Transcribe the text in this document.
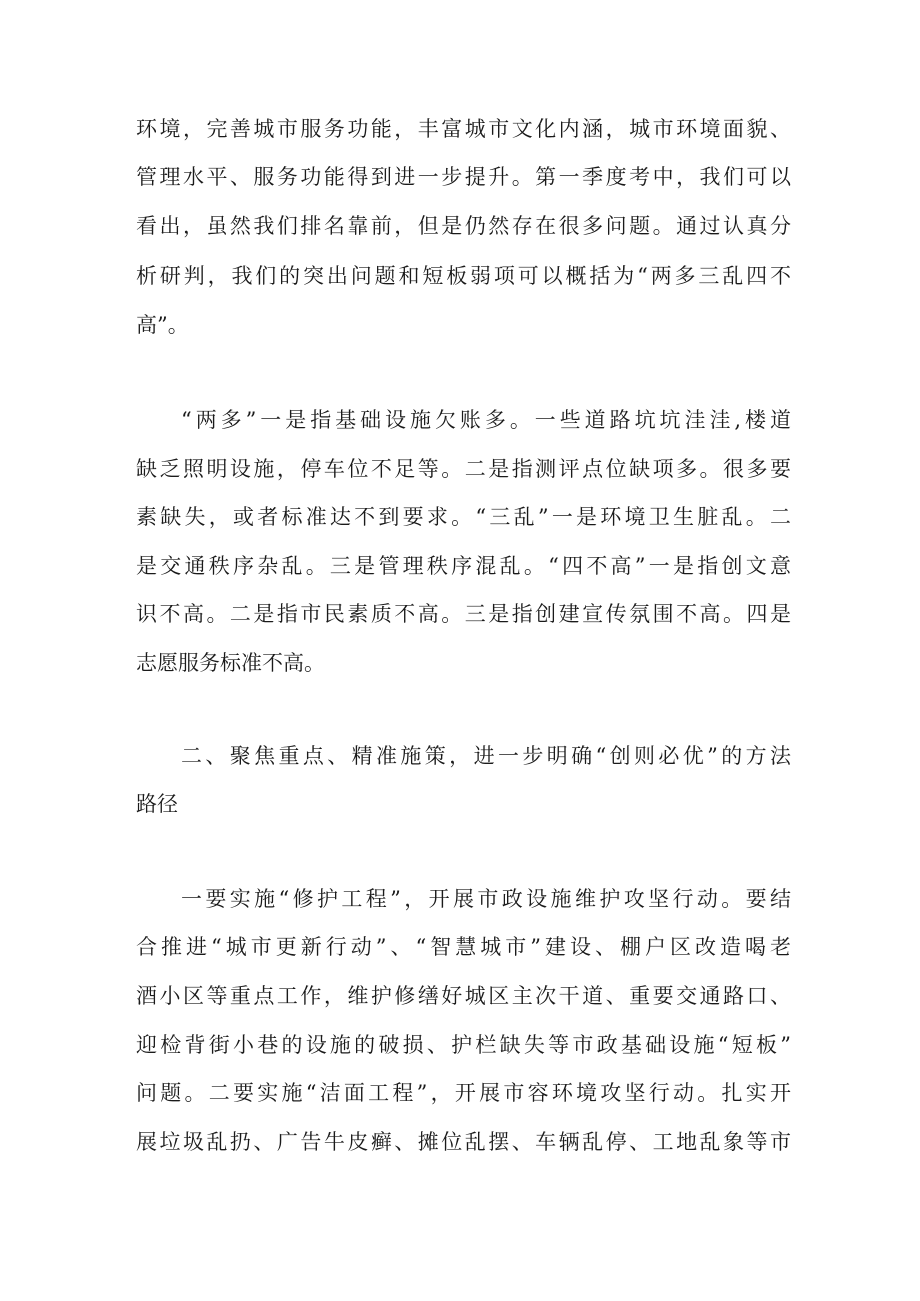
环境，完善城市服务功能，丰富城市文化内涵，城市环境面貌、
管理水平、服务功能得到进一步提升。第一季度考中，我们可以
看出，虽然我们排名靠前，但是仍然存在很多问题。通过认真分
析研判，我们的突出问题和短板弱项可以概括为“两多三乱四不
高”。
“两多”一是指基础设施欠账多。一些道路坑坑洼洼,楼道
缺乏照明设施，停车位不足等。二是指测评点位缺项多。很多要
素缺失，或者标准达不到要求。“三乱”一是环境卫生脏乱。二
是交通秩序杂乱。三是管理秩序混乱。“四不高”一是指创文意
识不高。二是指市民素质不高。三是指创建宣传氛围不高。四是
志愿服务标准不高。
二、聚焦重点、精准施策，进一步明确“创则必优”的方法
路径
一要实施“修护工程”，开展市政设施维护攻坚行动。要结
合推进“城市更新行动”、“智慧城市”建设、棚户区改造喝老
酒小区等重点工作，维护修缮好城区主次干道、重要交通路口、
迎检背街小巷的设施的破损、护栏缺失等市政基础设施“短板”
问题。二要实施“洁面工程”，开展市容环境攻坚行动。扎实开
展垃圾乱扔、广告牛皮癣、摊位乱摆、车辆乱停、工地乱象等市
